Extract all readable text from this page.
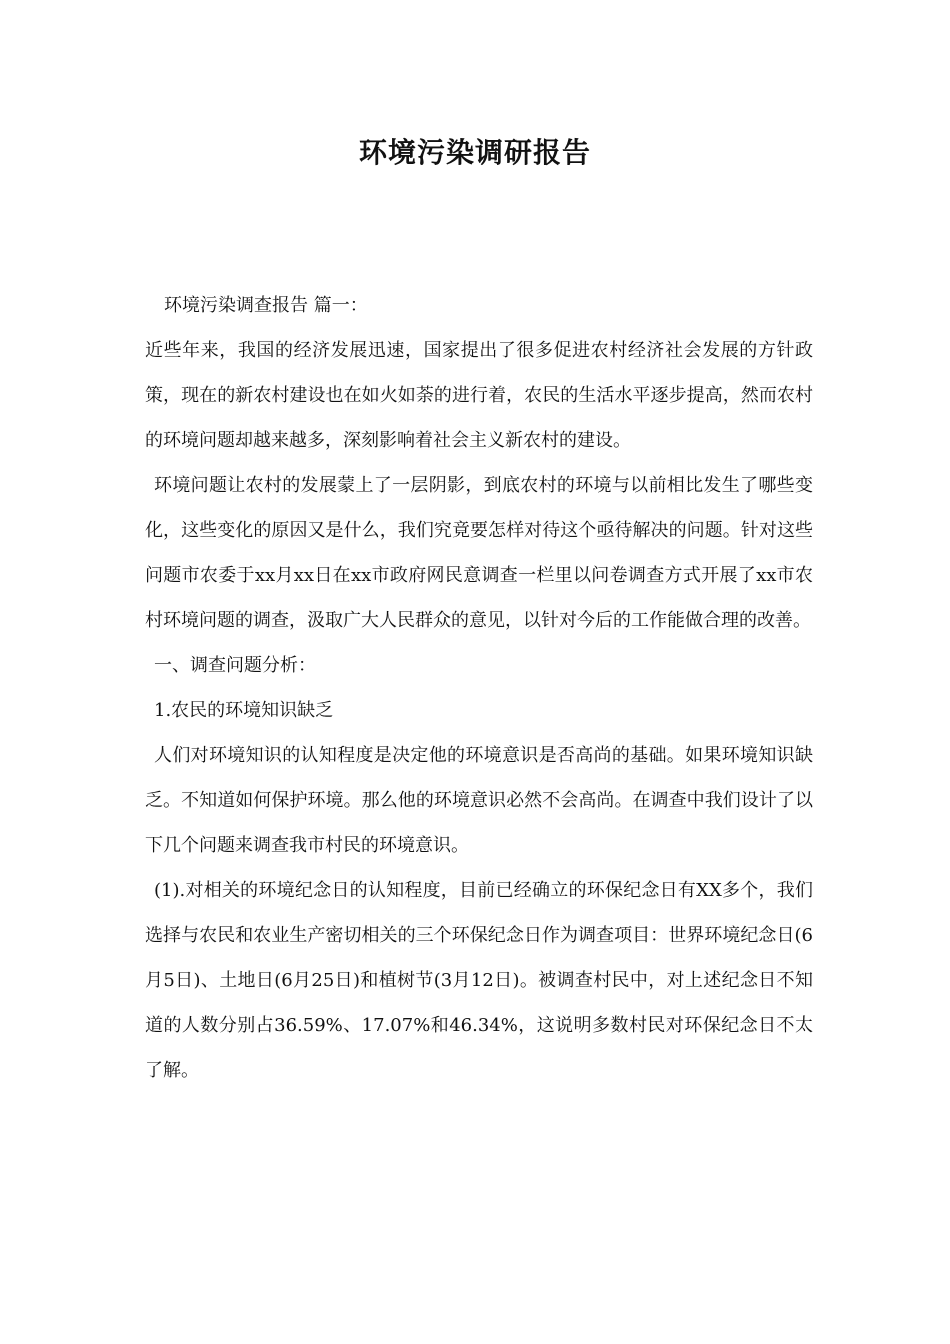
环境污染调研报告

环境污染调查报告 篇一：

近些年来，我国的经济发展迅速，国家提出了很多促进农村经济社会发展的方针政策，现在的新农村建设也在如火如荼的进行着，农民的生活水平逐步提高，然而农村的环境问题却越来越多，深刻影响着社会主义新农村的建设。

环境问题让农村的发展蒙上了一层阴影，到底农村的环境与以前相比发生了哪些变化，这些变化的原因又是什么，我们究竟要怎样对待这个亟待解决的问题。针对这些问题市农委于xx月xx日在xx市政府网民意调查一栏里以问卷调查方式开展了xx市农村环境问题的调查，汲取广大人民群众的意见，以针对今后的工作能做合理的改善。

一、调查问题分析：

1.农民的环境知识缺乏

人们对环境知识的认知程度是决定他的环境意识是否高尚的基础。如果环境知识缺乏。不知道如何保护环境。那么他的环境意识必然不会高尚。在调查中我们设计了以下几个问题来调查我市村民的环境意识。

(1).对相关的环境纪念日的认知程度，目前已经确立的环保纪念日有XX多个，我们选择与农民和农业生产密切相关的三个环保纪念日作为调查项目：世界环境纪念日(6月5日)、土地日(6月25日)和植树节(3月12日)。被调查村民中，对上述纪念日不知道的人数分别占36.59%、17.07%和46.34%，这说明多数村民对环保纪念日不太了解。
